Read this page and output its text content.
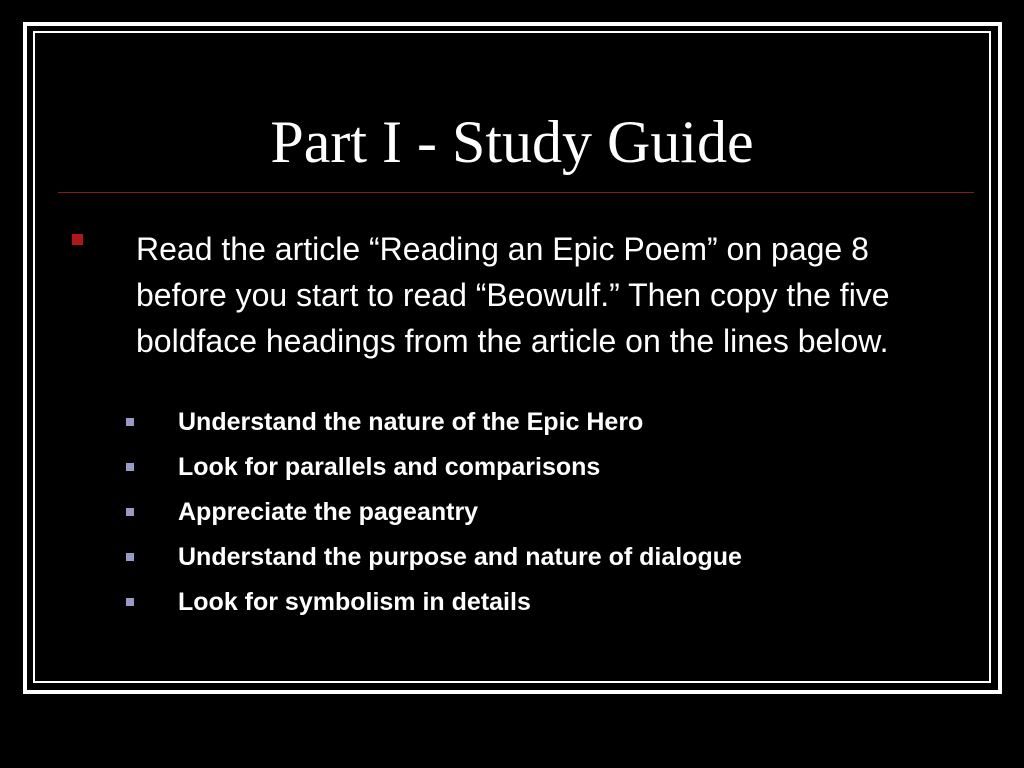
Part I - Study Guide

Read the article “Reading an Epic Poem” on page 8 before you start to read “Beowulf.” Then copy the five boldface headings from the article on the lines below.

Understand the nature of the Epic Hero
Look for parallels and comparisons
Appreciate the pageantry
Understand the purpose and nature of dialogue
Look for symbolism in details
